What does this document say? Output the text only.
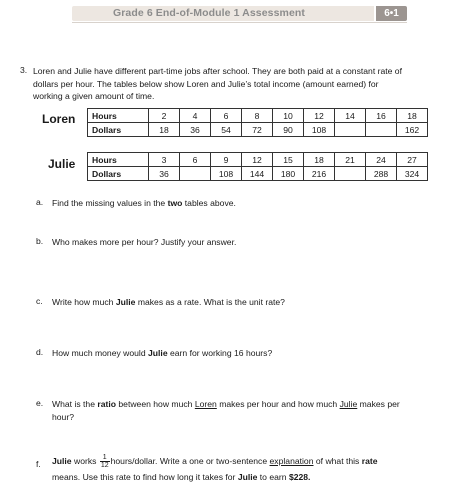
Grade 6 End-of-Module 1 Assessment	6•1
3. Loren and Julie have different part-time jobs after school. They are both paid at a constant rate of dollars per hour. The tables below show Loren and Julie’s total income (amount earned) for working a given amount of time.
Loren Hours	2	4	6	8	10	12	14	16	18
Dollars	18	36	54	72	90	108			162
Julie Hours	3	6	9	12	15	18	21	24	27
Dollars	36		108	144	180	216		288	324
a. Find the missing values in the two tables above.
b. Who makes more per hour? Justify your answer.
c. Write how much Julie makes as a rate. What is the unit rate?
d. How much money would Julie earn for working 16 hours?
e. What is the ratio between how much Loren makes per hour and how much Julie makes per hour?
f. Julie works $\frac{1}{12}$ hours/dollar. Write a one or two-sentence explanation of what this rate
means. Use this rate to find how long it takes for Julie to earn $228.
